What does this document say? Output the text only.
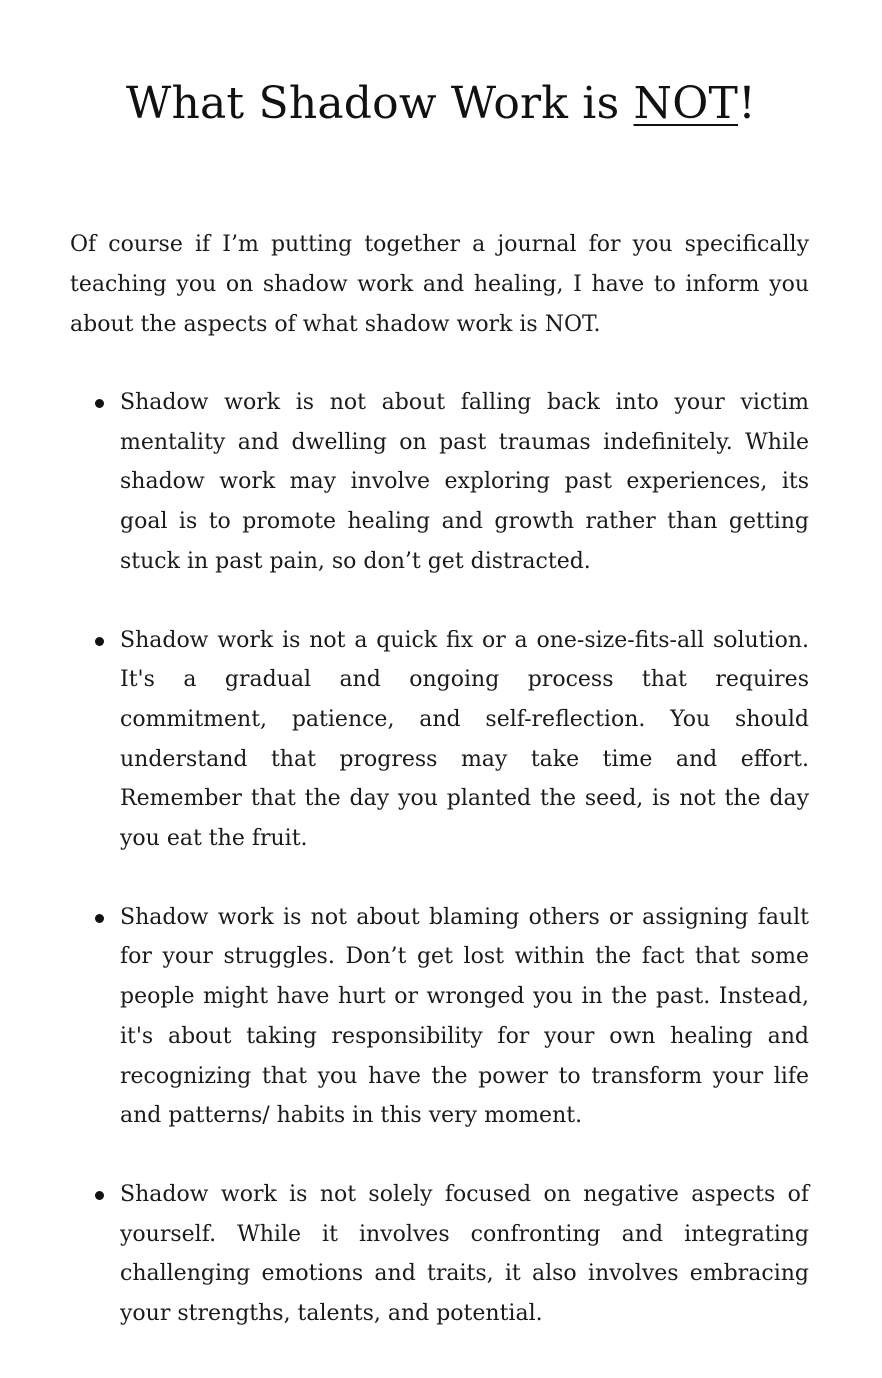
What Shadow Work is NOT!

Of course if I’m putting together a journal for you specifically teaching you on shadow work and healing, I have to inform you about the aspects of what shadow work is NOT.

Shadow work is not about falling back into your victim mentality and dwelling on past traumas indefinitely. While shadow work may involve exploring past experiences, its goal is to promote healing and growth rather than getting stuck in past pain, so don’t get distracted.
Shadow work is not a quick fix or a one-size-fits-all solution. It's a gradual and ongoing process that requires commitment, patience, and self-reflection. You should understand that progress may take time and effort. Remember that the day you planted the seed, is not the day you eat the fruit.
Shadow work is not about blaming others or assigning fault for your struggles. Don’t get lost within the fact that some people might have hurt or wronged you in the past. Instead, it's about taking responsibility for your own healing and recognizing that you have the power to transform your life and patterns/ habits in this very moment.
Shadow work is not solely focused on negative aspects of yourself. While it involves confronting and integrating challenging emotions and traits, it also involves embracing your strengths, talents, and potential.
